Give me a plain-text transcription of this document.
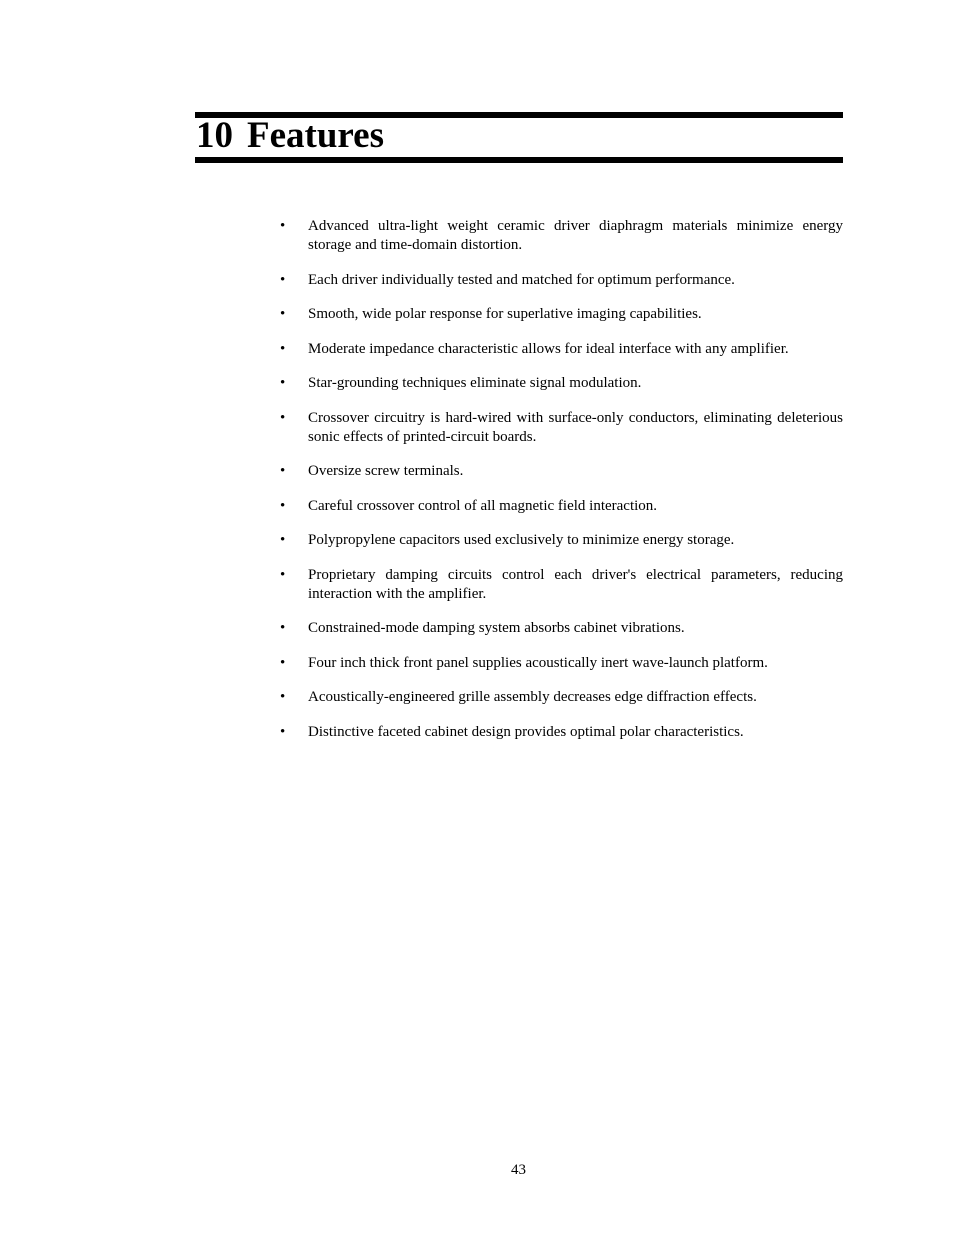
10 Features
• Advanced ultra-light weight ceramic driver diaphragm materials minimize energy storage and time-domain distortion.
• Each driver individually tested and matched for optimum performance.
• Smooth, wide polar response for superlative imaging capabilities.
• Moderate impedance characteristic allows for ideal interface with any amplifier.
• Star-grounding techniques eliminate signal modulation.
• Crossover circuitry is hard-wired with surface-only conductors, eliminating deleterious sonic effects of printed-circuit boards.
• Oversize screw terminals.
• Careful crossover control of all magnetic field interaction.
• Polypropylene capacitors used exclusively to minimize energy storage.
• Proprietary damping circuits control each driver's electrical parameters, reducing interaction with the amplifier.
• Constrained-mode damping system absorbs cabinet vibrations.
• Four inch thick front panel supplies acoustically inert wave-launch platform.
• Acoustically-engineered grille assembly decreases edge diffraction effects.
• Distinctive faceted cabinet design provides optimal polar characteristics.
43
